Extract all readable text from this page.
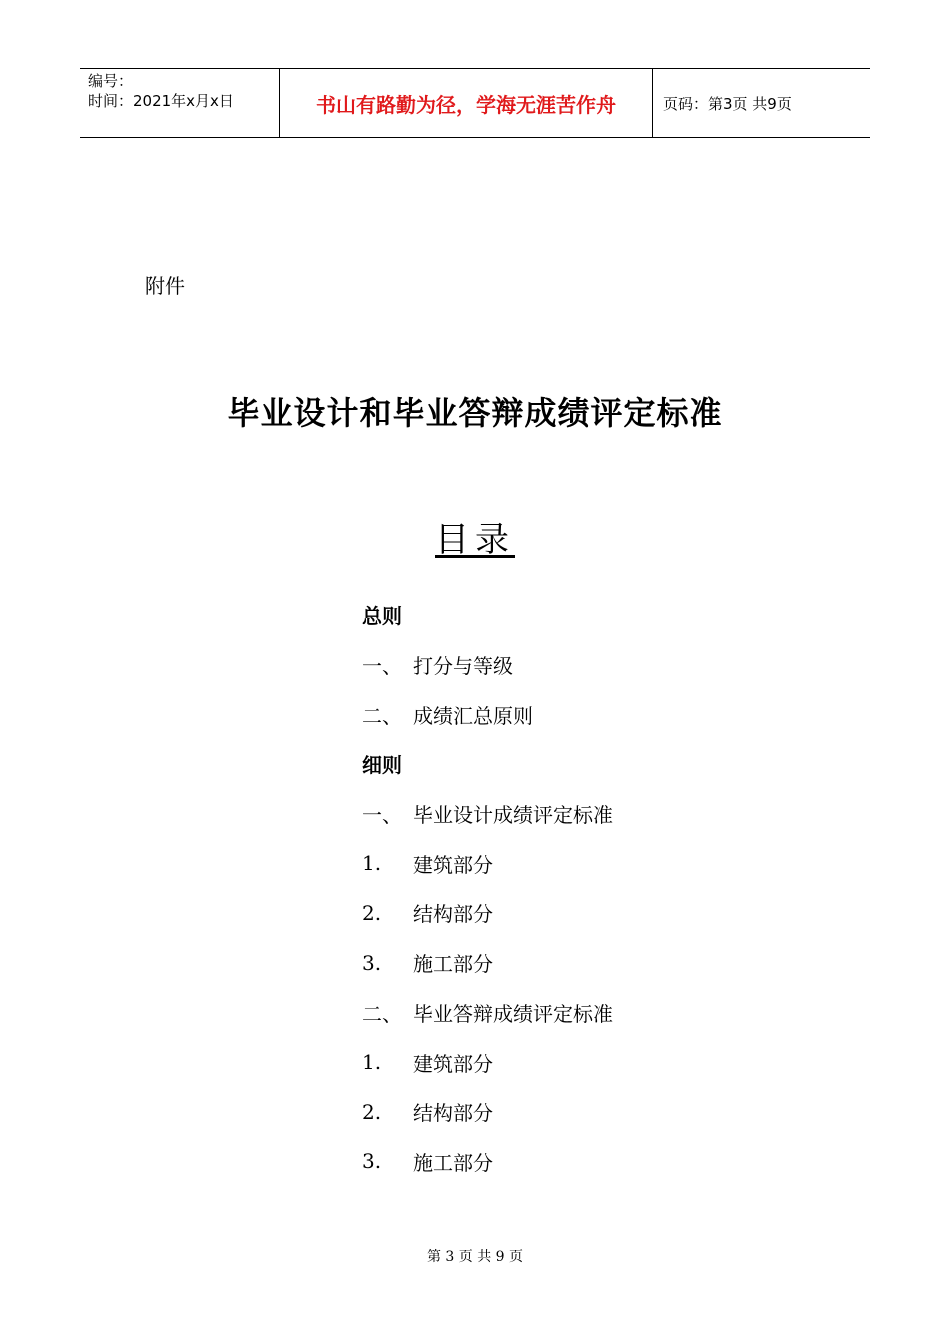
编号：
时间：2021年x月x日	书山有路勤为径，学海无涯苦作舟	页码：第3页 共9页
附件
毕业设计和毕业答辩成绩评定标准
目录
总则
一、 打分与等级
二、 成绩汇总原则
细则
一、 毕业设计成绩评定标准
1.	建筑部分
2.	结构部分
3.	施工部分
二、 毕业答辩成绩评定标准
1.	建筑部分
2.	结构部分
3.	施工部分
第 3 页 共 9 页
